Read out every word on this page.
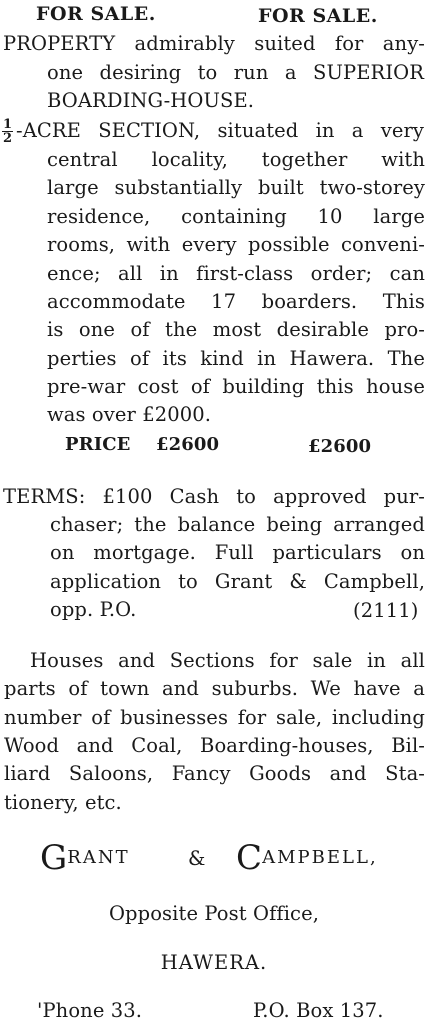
FOR SALE.	FOR SALE.
PROPERTY admirably suited for any-
one desiring to run a SUPERIOR
BOARDING-HOUSE.
$\frac{1}{2}$ -ACRE SECTION, situated in a very
central locality, together with
large substantially built two-storey
residence, containing 10 large
rooms, with every possible conveni-
ence; all in first-class order; can
accommodate 17 boarders. This
is one of the most desirable pro-
perties of its kind in Hawera. The
pre-war cost of building this house
was over £2000.
PRICE £2600	£2600
TERMS: £100 Cash to approved pur-
chaser; the balance being arranged
on mortgage. Full particulars on
application to Grant & Campbell,
opp. P.O.	(2111)
Houses and Sections for sale in all
parts of town and suburbs. We have a
number of businesses for sale, including
Wood and Coal, Boarding-houses, Bil-
liard Saloons, Fancy Goods and Sta-
tionery, etc.
GRANT	& CAMPBELL,
Opposite Post Office,
HAWERA.
'Phone 33.	P.O. Box 137.
